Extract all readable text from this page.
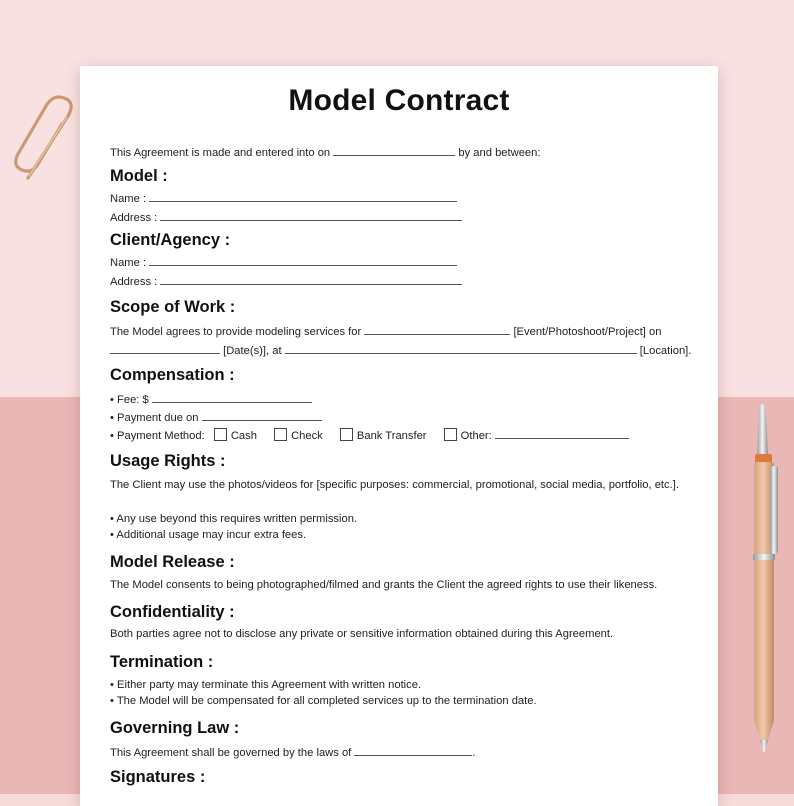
Model Contract
This Agreement is made and entered into on	by and between:
Model :
Name :
Address :
Client/Agency :
Name :
Address :
Scope of Work :
The Model agrees to provide modeling services for	[Event/Photoshoot/Project] on
[Date(s)], at	[Location].
Compensation :
• Fee: $
• Payment due on
• Payment Method: Cash	Check	Bank Transfer	Other:
Usage Rights :
The Client may use the photos/videos for [specific purposes: commercial, promotional, social media, portfolio, etc.].
• Any use beyond this requires written permission.
• Additional usage may incur extra fees.
Model Release :
The Model consents to being photographed/filmed and grants the Client the agreed rights to use their likeness.
Confidentiality :
Both parties agree not to disclose any private or sensitive information obtained during this Agreement.
Termination :
• Either party may terminate this Agreement with written notice.
• The Model will be compensated for all completed services up to the termination date.
Governing Law :
This Agreement shall be governed by the laws of	.
Signatures :
